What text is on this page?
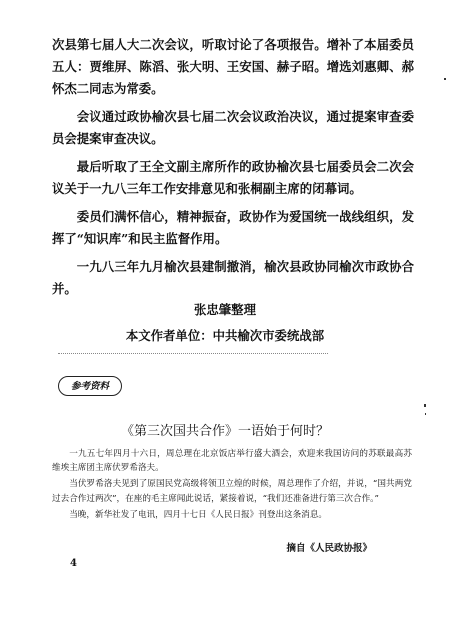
次县第七届人大二次会议，听取讨论了各项报告。增补了本届委员五人：贾维屏、陈滔、张大明、王安国、赫子昭。增选刘惠卿、郝怀杰二同志为常委。

会议通过政协榆次县七届二次会议政治决议，通过提案审查委员会提案审查决议。

最后听取了王全文副主席所作的政协榆次县七届委员会二次会议关于一九八三年工作安排意见和张桐副主席的闭幕词。

委员们满怀信心，精神振奋，政协作为爱国统一战线组织，发挥了“知识库”和民主监督作用。

一九八三年九月榆次县建制撤消，榆次县政协同榆次市政协合并。

张忠肇整理
本文作者单位：中共榆次市委统战部
参考资料
《第三次国共合作》一语始于何时？

一九五七年四月十六日，周总理在北京饭店举行盛大酒会，欢迎来我国访问的苏联最高苏维埃主席团主席伏罗希洛夫。

当伏罗希洛夫见到了原国民党高级将领卫立煌的时候，周总理作了介绍，并说，“国共两党过去合作过两次”，在座的毛主席闻此说话，紧接着说，“我们还准备进行第三次合作。”

当晚，新华社发了电讯，四月十七日《人民日报》刊登出这条消息。

摘自《人民政协报》
4
